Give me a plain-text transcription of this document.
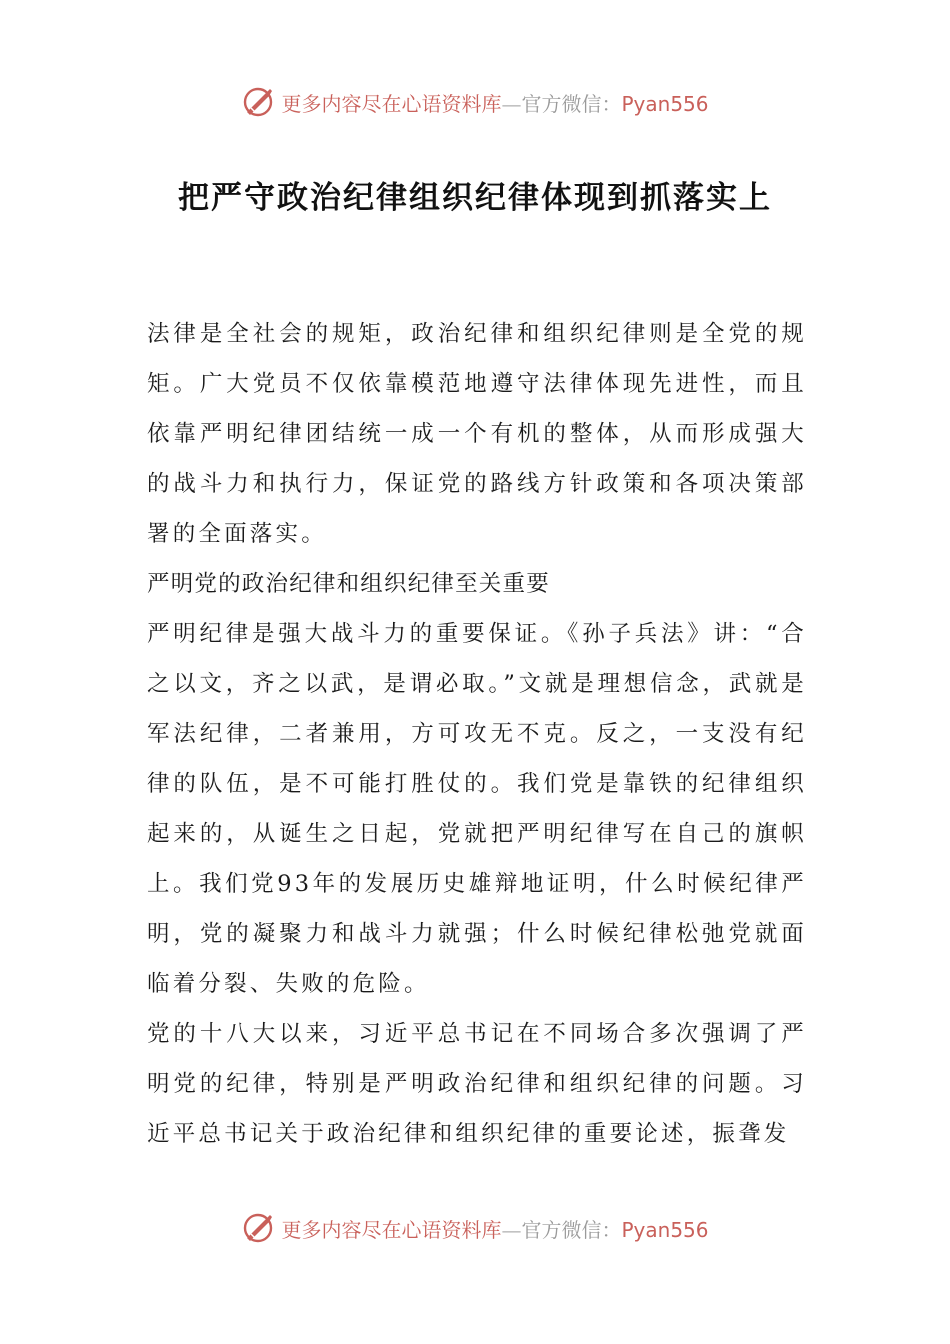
更多内容尽在心语资料库—官方微信：Pyan556
把严守政治纪律组织纪律体现到抓落实上

法律是全社会的规矩，政治纪律和组织纪律则是全党的规矩。广大党员不仅依靠模范地遵守法律体现先进性，而且依靠严明纪律团结统一成一个有机的整体，从而形成强大的战斗力和执行力，保证党的路线方针政策和各项决策部署的全面落实。

严明党的政治纪律和组织纪律至关重要

严明纪律是强大战斗力的重要保证。《孙子兵法》讲：“合之以文，齐之以武，是谓必取。”文就是理想信念，武就是军法纪律，二者兼用，方可攻无不克。反之，一支没有纪律的队伍，是不可能打胜仗的。我们党是靠铁的纪律组织起来的，从诞生之日起，党就把严明纪律写在自己的旗帜上。我们党93年的发展历史雄辩地证明，什么时候纪律严明，党的凝聚力和战斗力就强；什么时候纪律松弛党就面临着分裂、失败的危险。

党的十八大以来，习近平总书记在不同场合多次强调了严明党的纪律，特别是严明政治纪律和组织纪律的问题。习近平总书记关于政治纪律和组织纪律的重要论述，振聋发

更多内容尽在心语资料库—官方微信：Pyan556
